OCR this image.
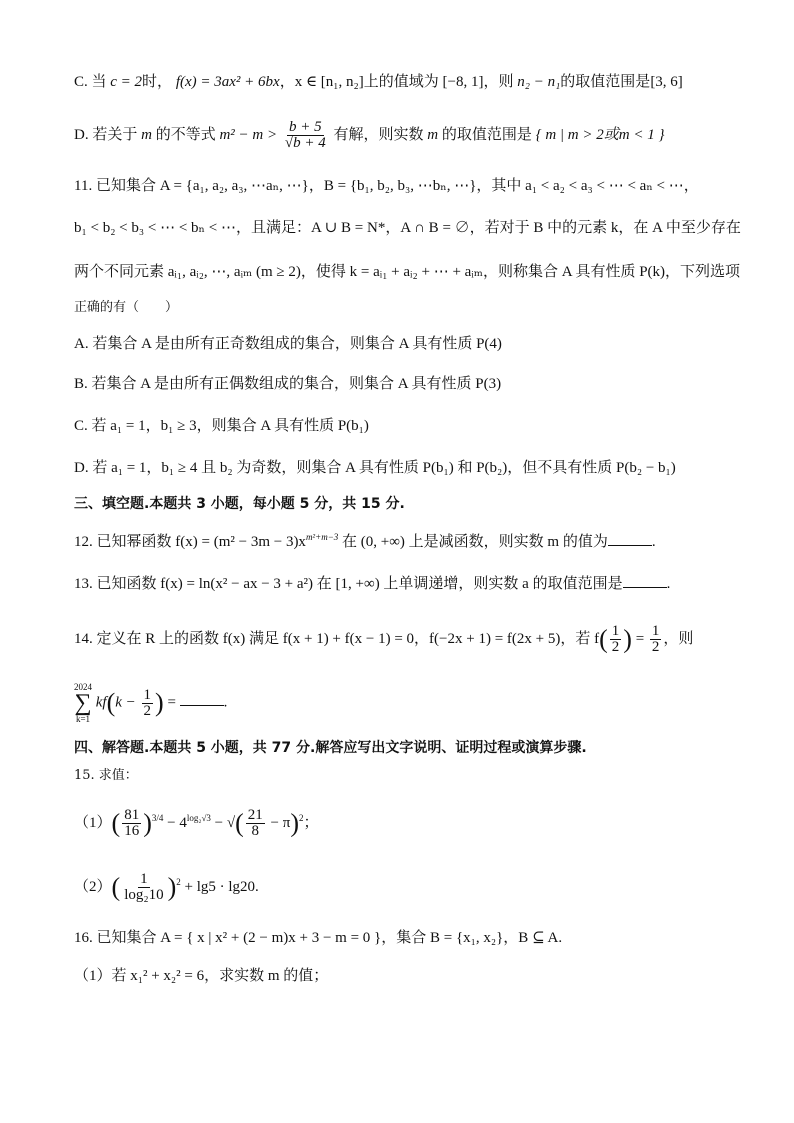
C. 当 c = 2时， f(x) = 3ax² + 6bx，x ∈ [n₁, n₂]上的值域为 [−8, 1]，则 n₂ − n₁的取值范围是[3, 6]
D. 若关于 m 的不等式 $m^2 - m > \frac{b + 5}{√b + 4}$ 有解，则实数 m 的取值范围是 { m | m > 2或m < 1 }
11. 已知集合 A = {a₁, a₂, a₃, ⋯aₙ, ⋯}，B = {b₁, b₂, b₃, ⋯bₙ, ⋯}，其中 a₁ < a₂ < a₃ < ⋯ < aₙ < ⋯，
b₁ < b₂ < b₃ < ⋯ < bₙ < ⋯，且满足：A ∪ B = N*，A ∩ B = ∅，若对于 B 中的元素 k，在 A 中至少存在
两个不同元素 aᵢ₁, aᵢ₂, ⋯, aᵢₘ (m ≥ 2)，使得 k = aᵢ₁ + aᵢ₂ + ⋯ + aᵢₘ，则称集合 A 具有性质 P(k)，下列选项
正确的有（　　）
A. 若集合 A 是由所有正奇数组成的集合，则集合 A 具有性质 P(4)
B. 若集合 A 是由所有正偶数组成的集合，则集合 A 具有性质 P(3)
C. 若 a₁ = 1，b₁ ≥ 3，则集合 A 具有性质 P(b₁)
D. 若 a₁ = 1，b₁ ≥ 4 且 b₂ 为奇数，则集合 A 具有性质 P(b₁) 和 P(b₂)，但不具有性质 P(b₂ − b₁)
三、填空题.本题共 3 小题，每小题 5 分，共 15 分.
12. 已知幂函数 $f(x) = (m^2 - 3m - 3)x^{m^2+m-3}$ 在 (0, +∞) 上是减函数，则实数 m 的值为	.
13. 已知函数 f(x) = ln(x² − ax − 3 + a²) 在 [1, +∞) 上单调递增，则实数 a 的取值范围是	.
14. 定义在 R 上的函数 f(x) 满足 f(x + 1) + f(x − 1) = 0，f(−2x + 1) = f(2x + 5)，若 $f( \frac{1}{2}$ ) = $\frac{1}{2}$ ，则
2024
∑
k=1
$kf(k - \frac{1}{2}$ ) =	.
四、解答题.本题共 5 小题，共 77 分.解答应写出文字说明、证明过程或演算步骤.
15. 求值：
$(1)( \frac{81}{16} )^{3/4} - 4^{log_2√3}$ − √( $\frac{21}{8} - \pi)^2$；
$(2)( \frac{1}{\text{log₂10}} )^2 + \lg 5 \cdot \lg 20$.
16. 已知集合 A = { x | x² + (2 − m)x + 3 − m = 0 }，集合 B = {x₁, x₂}，B ⊆ A.
（1）若 x₁² + x₂² = 6，求实数 m 的值；
